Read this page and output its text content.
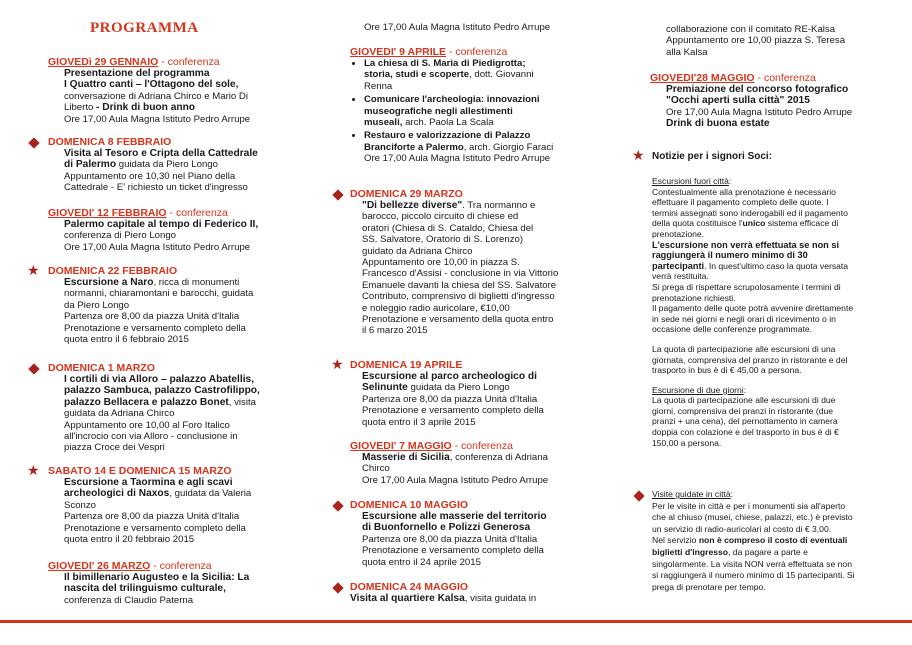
PROGRAMMA
GIOVEDì 29 GENNAIO - conferenza

Presentazione del programma

I Quattro canti – l'Ottagono del sole,

conversazione di Adriana Chirco e Mario Di

Liberto - Drink di buon anno

Ore 17,00 Aula Magna Istituto Pedro Arrupe

DOMENICA 8 FEBBRAIO

Visita al Tesoro e Cripta della Cattedrale

di Palermo guidata da Piero Longo

Appuntamento ore 10,30 nel Piano della

Cattedrale - E' richiesto un ticket d'ingresso

GIOVEDI' 12 FEBBRAIO - conferenza

Palermo capitale al tempo di Federico II,

conferenza di Piero Longo

Ore 17,00 Aula Magna Istituto Pedro Arrupe

★ DOMENICA 22 FEBBRAIO

Escursione a Naro, ricca di monumenti

normanni, chiaramontani e barocchi, guidata

da Piero Longo

Partenza ore 8,00 da piazza Unità d'Italia

Prenotazione e versamento completo della

quota entro il 6 febbraio 2015

DOMENICA 1 MARZO

I cortili di via Alloro – palazzo Abatellis,

palazzo Sambuca, palazzo Castrofilippo,

palazzo Bellacera e palazzo Bonet, visita

guidata da Adriana Chirco

Appuntamento ore 10,00 al Foro Italico

all'incrocio con via Alloro - conclusione in

piazza Croce dei Vespri

★ SABATO 14 E DOMENICA 15 MARZO

Escursione a Taormina e agli scavi

archeologici di Naxos, guidata da Valeria

Sconzo

Partenza ore 8,00 da piazza Unità d'Italia

Prenotazione e versamento completo della

quota entro il 20 febbraio 2015

GIOVEDI' 26 MARZO - conferenza

Il bimillenario Augusteo e la Sicilia: La

nascita del trilinguismo culturale,

conferenza di Claudio Paterna

Ore 17,00 Aula Magna Istituto Pedro Arrupe
GIOVEDI' 9 APRILE - conferenza
• La chiesa di S. Maria di Piedigrotta;
storia, studi e scoperte, dott. Giovanni
Renna
• Comunicare l'archeologia: innovazioni
museografiche negli allestimenti
museali, arch. Paola La Scala
• Restauro e valorizzazione di Palazzo
Branciforte a Palermo, arch. Giorgio Faraci
Ore 17,00 Aula Magna Istituto Pedro Arrupe
DOMENICA 29 MARZO

"Di bellezze diverse". Tra normanno e

barocco, piccolo circuito di chiese ed

oratori (Chiesa di S. Cataldo, Chiesa del

SS. Salvatore, Oratorio di S. Lorenzo)

guidato da Adriana Chirco

Appuntamento ore 10,00 in piazza S.

Francesco d'Assisi - conclusione in via Vittorio

Emanuele davanti la chiesa del SS. Salvatore

Contributo, comprensivo di biglietti d'ingresso

e noleggio radio auricolare, €10,00

Prenotazione e versamento della quota entro

il 6 marzo 2015

★ DOMENICA 19 APRILE

Escursione al parco archeologico di

Selinunte guidata da Piero Longo

Partenza ore 8,00 da piazza Unità d'Italia

Prenotazione e versamento completo della

quota entro il 3 aprile 2015

GIOVEDI' 7 MAGGIO - conferenza

Masserie di Sicilia, conferenza di Adriana

Chirco

Ore 17,00 Aula Magna Istituto Pedro Arrupe

DOMENICA 10 MAGGIO

Escursione alle masserie del territorio

di Buonfornello e Polizzi Generosa

Partenza ore 8,00 da piazza Unità d'Italia

Prenotazione e versamento completo della

quota entro il 24 aprile 2015

DOMENICA 24 MAGGIO

Visita al quartiere Kalsa, visita guidata in

collaborazione con il comitato RE-Kalsa

Appuntamento ore 10,00 piazza S. Teresa

alla Kalsa

GIOVEDI'28 MAGGIO - conferenza

Premiazione del concorso fotografico

"Occhi aperti sulla città" 2015

Ore 17,00 Aula Magna Istituto Pedro Arrupe

Drink di buona estate

★ Notizie per i signori Soci:

Escursioni fuori città:

Contestualmente alla prenotazione è necessario

effettuare il pagamento completo delle quote. I

termini assegnati sono inderogabili ed il pagamento

della quota costituisce l'unico sistema efficace di

prenotazione.

L'escursione non verrà effettuata se non si

raggiungerà il numero minimo di 30

partecipanti. In quest'ultimo caso la quota versata

verrà restituita.

Si prega di rispettare scrupolosamente i termini di

prenotazione richiesti.

Il pagamento delle quote potrà avvenire direttamente

in sede nei giorni e negli orari di ricevimento o in

occasione delle conferenze programmate.

La quota di partecipazione alle escursioni di una

giornata, comprensiva del pranzo in ristorante e del

trasporto in bus è di € 45,00 a persona.

Escursione di due giorni:

La quota di partecipazione alle escursioni di due

giorni, comprensiva dei pranzi in ristorante (due

pranzi + una cena), del pernottamento in camera

doppia con colazione e del trasporto in bus è di €

150,00 a persona.

Visite guidate in città:

Per le visite in città e per i monumenti sia all'aperto

che al chiuso (musei, chiese, palazzi, etc.) è previsto

un servizio di radio-auricolari al costo di € 3,00.

Nel servizio non è compreso il costo di eventuali

biglietti d'ingresso, da pagare a parte e

singolarmente. La visita NON verrà effettuata se non

si raggiungerà il numero minimo di 15 partecipanti. Si

prega di prenotare per tempo.
